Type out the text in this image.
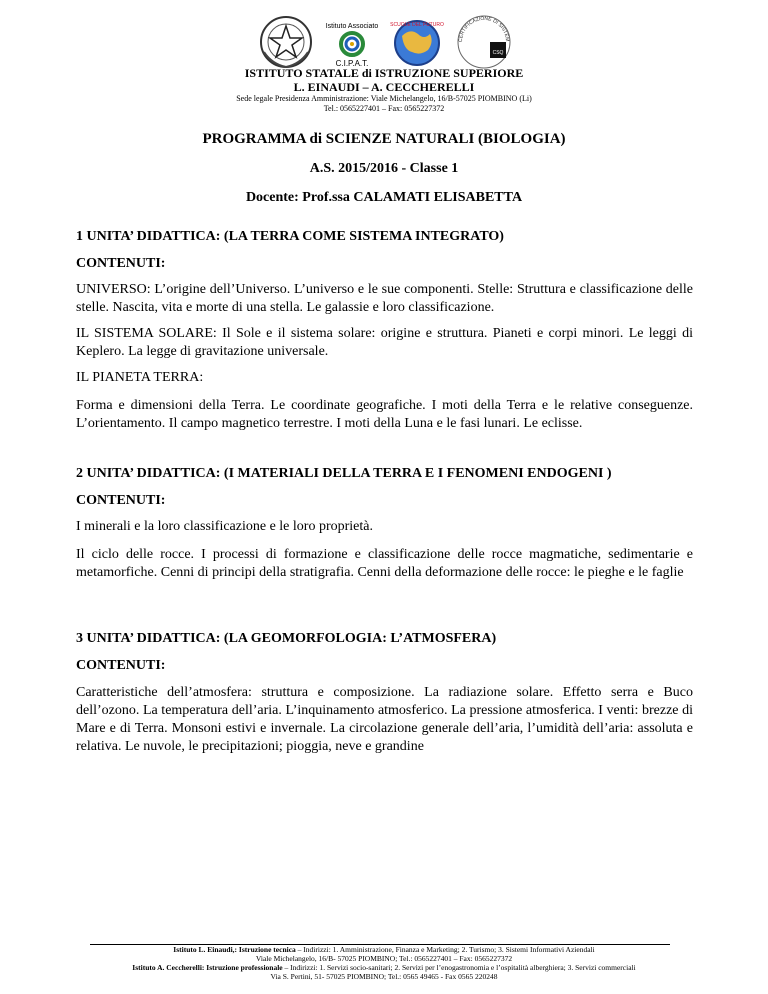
Istituto Associato
C.I.P.A.T.
SCUOLE DEL FUTURO
CERTIFICAZIONE DI SISTEM
CSQ

ISTITUTO STATALE di ISTRUZIONE SUPERIORE

L. EINAUDI – A. CECCHERELLI

Sede legale Presidenza Amministrazione: Viale Michelangelo, 16/B-57025 PIOMBINO (Li)

Tel.: 0565227401 – Fax: 0565227372

PROGRAMMA di SCIENZE NATURALI (BIOLOGIA)

A.S. 2015/2016 - Classe 1

Docente: Prof.ssa CALAMATI ELISABETTA

1 UNITA’ DIDATTICA: (LA TERRA COME SISTEMA INTEGRATO)

CONTENUTI:

UNIVERSO: L’origine dell’Universo. L’universo e le sue componenti. Stelle: Struttura e classificazione delle stelle. Nascita, vita e morte di una stella. Le galassie e loro classificazione.

IL SISTEMA SOLARE: Il Sole e il sistema solare: origine e struttura. Pianeti e corpi minori. Le leggi di Keplero. La legge di gravitazione universale.

IL PIANETA TERRA:

Forma e dimensioni della Terra. Le coordinate geografiche. I moti della Terra e le relative conseguenze. L’orientamento. Il campo magnetico terrestre. I moti della Luna e le fasi lunari. Le eclisse.

2 UNITA’ DIDATTICA: (I MATERIALI DELLA TERRA E I FENOMENI ENDOGENI )

CONTENUTI:

I minerali e la loro classificazione e le loro proprietà.

Il ciclo delle rocce. I processi di formazione e classificazione delle rocce magmatiche, sedimentarie e metamorfiche. Cenni di principi della stratigrafia. Cenni della deformazione delle rocce: le pieghe e le faglie

3 UNITA’ DIDATTICA: (LA GEOMORFOLOGIA: L’ATMOSFERA)

CONTENUTI:

Caratteristiche dell’atmosfera: struttura e composizione. La radiazione solare. Effetto serra e Buco dell’ozono. La temperatura dell’aria. L’inquinamento atmosferico. La pressione atmosferica. I venti: brezze di Mare e di Terra. Monsoni estivi e invernale. La circolazione generale dell’aria, l’umidità dell’aria: assoluta e relativa. Le nuvole, le precipitazioni; pioggia, neve e grandine

Istituto L. Einaudi,: Istruzione tecnica – Indirizzi: 1. Amministrazione, Finanza e Marketing; 2. Turismo; 3. Sistemi Informativi Aziendali

Viale Michelangelo, 16/B- 57025 PIOMBINO; Tel.: 0565227401 – Fax: 0565227372

Istituto A. Ceccherelli: Istruzione professionale – Indirizzi: 1. Servizi socio-sanitari; 2. Servizi per l’enogastronomia e l’ospitalità alberghiera; 3. Servizi commerciali

Via S. Pertini, 51- 57025 PIOMBINO; Tel.: 0565 49465 - Fax 0565 220248
